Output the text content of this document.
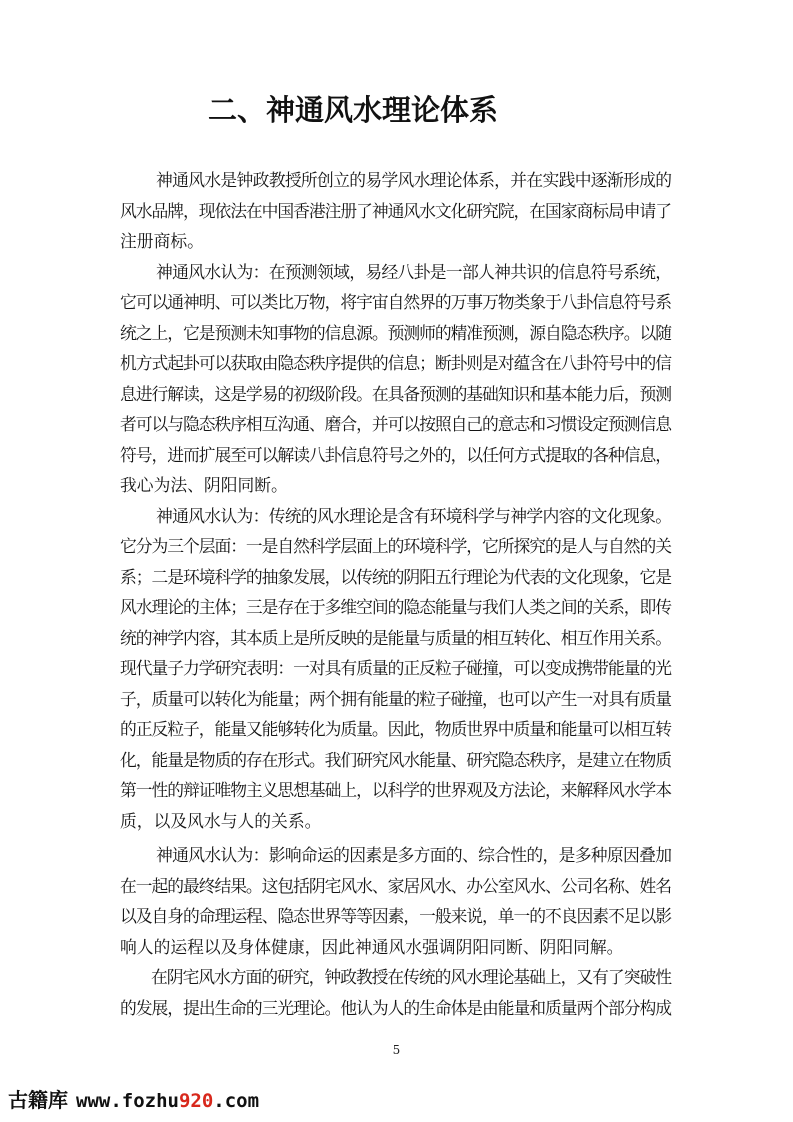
二、神通风水理论体系
神通风水是钟政教授所创立的易学风水理论体系，并在实践中逐渐形成的
风水品牌，现依法在中国香港注册了神通风水文化研究院，在国家商标局申请了
注册商标。
神通风水认为：在预测领域，易经八卦是一部人神共识的信息符号系统，
它可以通神明、可以类比万物，将宇宙自然界的万事万物类象于八卦信息符号系
统之上，它是预测未知事物的信息源。预测师的精准预测，源自隐态秩序。以随
机方式起卦可以获取由隐态秩序提供的信息；断卦则是对蕴含在八卦符号中的信
息进行解读，这是学易的初级阶段。在具备预测的基础知识和基本能力后，预测
者可以与隐态秩序相互沟通、磨合，并可以按照自己的意志和习惯设定预测信息
符号，进而扩展至可以解读八卦信息符号之外的，以任何方式提取的各种信息，
我心为法、阴阳同断。
神通风水认为：传统的风水理论是含有环境科学与神学内容的文化现象。
它分为三个层面：一是自然科学层面上的环境科学，它所探究的是人与自然的关
系；二是环境科学的抽象发展，以传统的阴阳五行理论为代表的文化现象，它是
风水理论的主体；三是存在于多维空间的隐态能量与我们人类之间的关系，即传
统的神学内容，其本质上是所反映的是能量与质量的相互转化、相互作用关系。
现代量子力学研究表明：一对具有质量的正反粒子碰撞，可以变成携带能量的光
子，质量可以转化为能量；两个拥有能量的粒子碰撞，也可以产生一对具有质量
的正反粒子，能量又能够转化为质量。因此，物质世界中质量和能量可以相互转
化，能量是物质的存在形式。我们研究风水能量、研究隐态秩序，是建立在物质
第一性的辩证唯物主义思想基础上，以科学的世界观及方法论，来解释风水学本
质，以及风水与人的关系。
神通风水认为：影响命运的因素是多方面的、综合性的，是多种原因叠加
在一起的最终结果。这包括阴宅风水、家居风水、办公室风水、公司名称、姓名
以及自身的命理运程、隐态世界等等因素，一般来说，单一的不良因素不足以影
响人的运程以及身体健康，因此神通风水强调阴阳同断、阴阳同解。
在阴宅风水方面的研究，钟政教授在传统的风水理论基础上，又有了突破性
的发展，提出生命的三光理论。他认为人的生命体是由能量和质量两个部分构成
5
古籍库 www.fozhu920.com
